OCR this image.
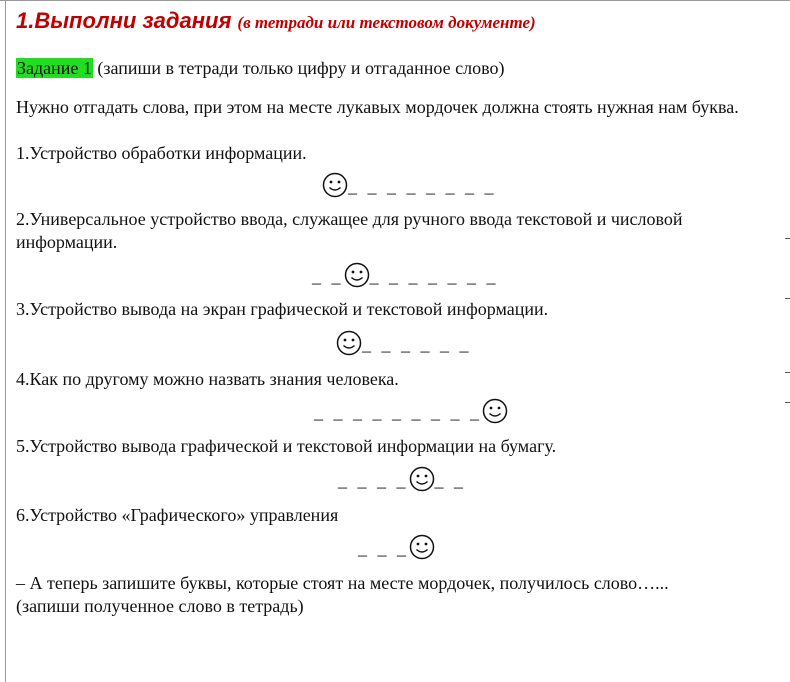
1.Выполни задания (в тетради или текстовом документе)
Задание 1 (запиши в тетради только цифру и отгаданное слово)
Нужно отгадать слова, при этом на месте лукавых мордочек должна стоять нужная нам буква.
1.Устройство обработки информации.
_ _ _ _ _ _ _ _
2.Универсальное устройство ввода, служащее для ручного ввода текстовой и числовой информации.
_ _ _ _ _ _ _ _ _
3.Устройство вывода на экран графической и текстовой информации.
_ _ _ _ _ _
4.Как по другому можно назвать знания человека.
_ _ _ _ _ _ _ _ _
5.Устройство вывода графической и текстовой информации на бумагу.
_ _ _ _ _ _
6.Устройство «Графического» управления
_ _ _
– А теперь запишите буквы, которые стоят на месте мордочек, получилось слово…...(запиши полученное слово в тетрадь)
